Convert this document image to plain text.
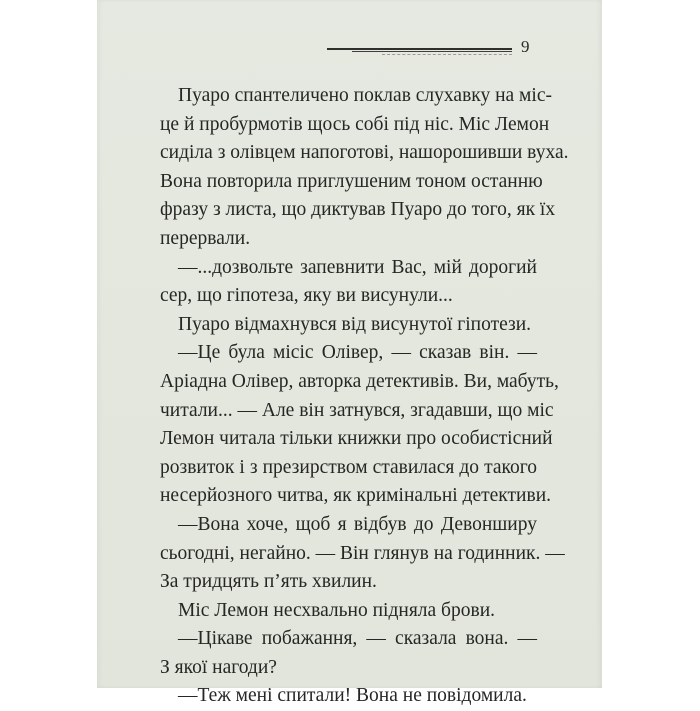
9
Пуаро спантеличено поклав слухавку на міс-
це й пробурмотів щось собі під ніс. Міс Лемон
сиділа з олівцем напоготові, нашорошивши вуха.
Вона повторила приглушеним тоном останню
фразу з листа, що диктував Пуаро до того, як їх
перервали.
—...дозвольте запевнити Вас, мій дорогий
сер, що гіпотеза, яку ви висунули...
Пуаро відмахнувся від висунутої гіпотези.
—Це була місіс Олівер, — сказав він. —
Аріадна Олівер, авторка детективів. Ви, мабуть,
читали... — Але він затнувся, згадавши, що міс
Лемон читала тільки книжки про особистісний
розвиток і з презирством ставилася до такого
несерйозного читва, як кримінальні детективи.
—Вона хоче, щоб я відбув до Девонширу
сьогодні, негайно. — Він глянув на годинник. —
За тридцять п’ять хвилин.
Міс Лемон несхвально підняла брови.
—Цікаве побажання, — сказала вона. —
З якої нагоди?
—Теж мені спитали! Вона не повідомила.
